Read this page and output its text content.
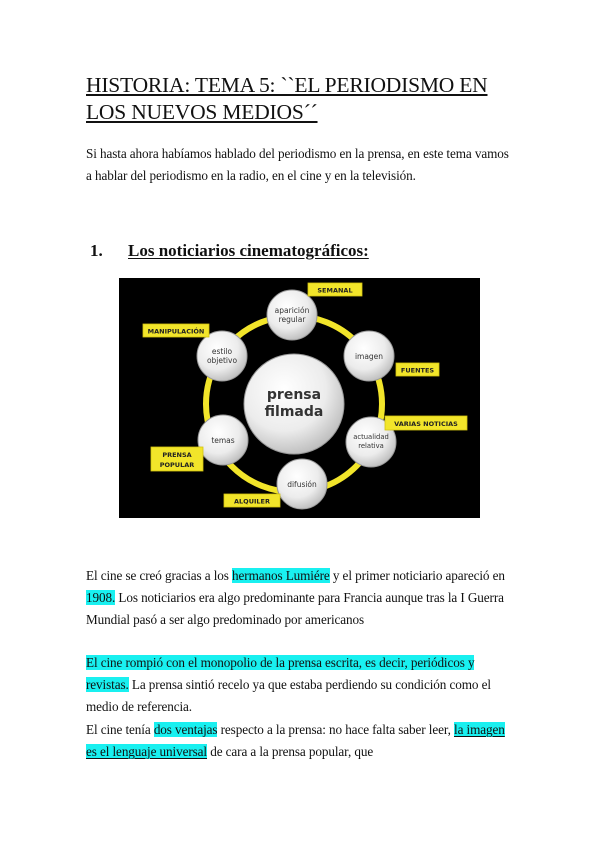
HISTORIA: TEMA 5: ``EL PERIODISMO EN LOS NUEVOS MEDIOS´´
Si hasta ahora habíamos hablado del periodismo en la prensa, en este tema vamos a hablar del periodismo en la radio, en el cine y en la televisión.
1. Los noticiarios cinematográficos:
prensa
filmada
aparición
regular
imagen
actualidad
relativa
difusión
temas
estilo
objetivo
SEMANAL
FUENTES
VARIAS NOTICIAS
ALQUILER
PRENSA
POPULAR
MANIPULACIÓN
El cine se creó gracias a los hermanos Lumiére y el primer noticiario apareció en 1908. Los noticiarios era algo predominante para Francia aunque tras la I Guerra Mundial pasó a ser algo predominado por americanos
El cine rompió con el monopolio de la prensa escrita, es decir, periódicos y revistas. La prensa sintió recelo ya que estaba perdiendo su condición como el medio de referencia.
El cine tenía dos ventajas respecto a la prensa: no hace falta saber leer, la imagen es el lenguaje universal de cara a la prensa popular, que
